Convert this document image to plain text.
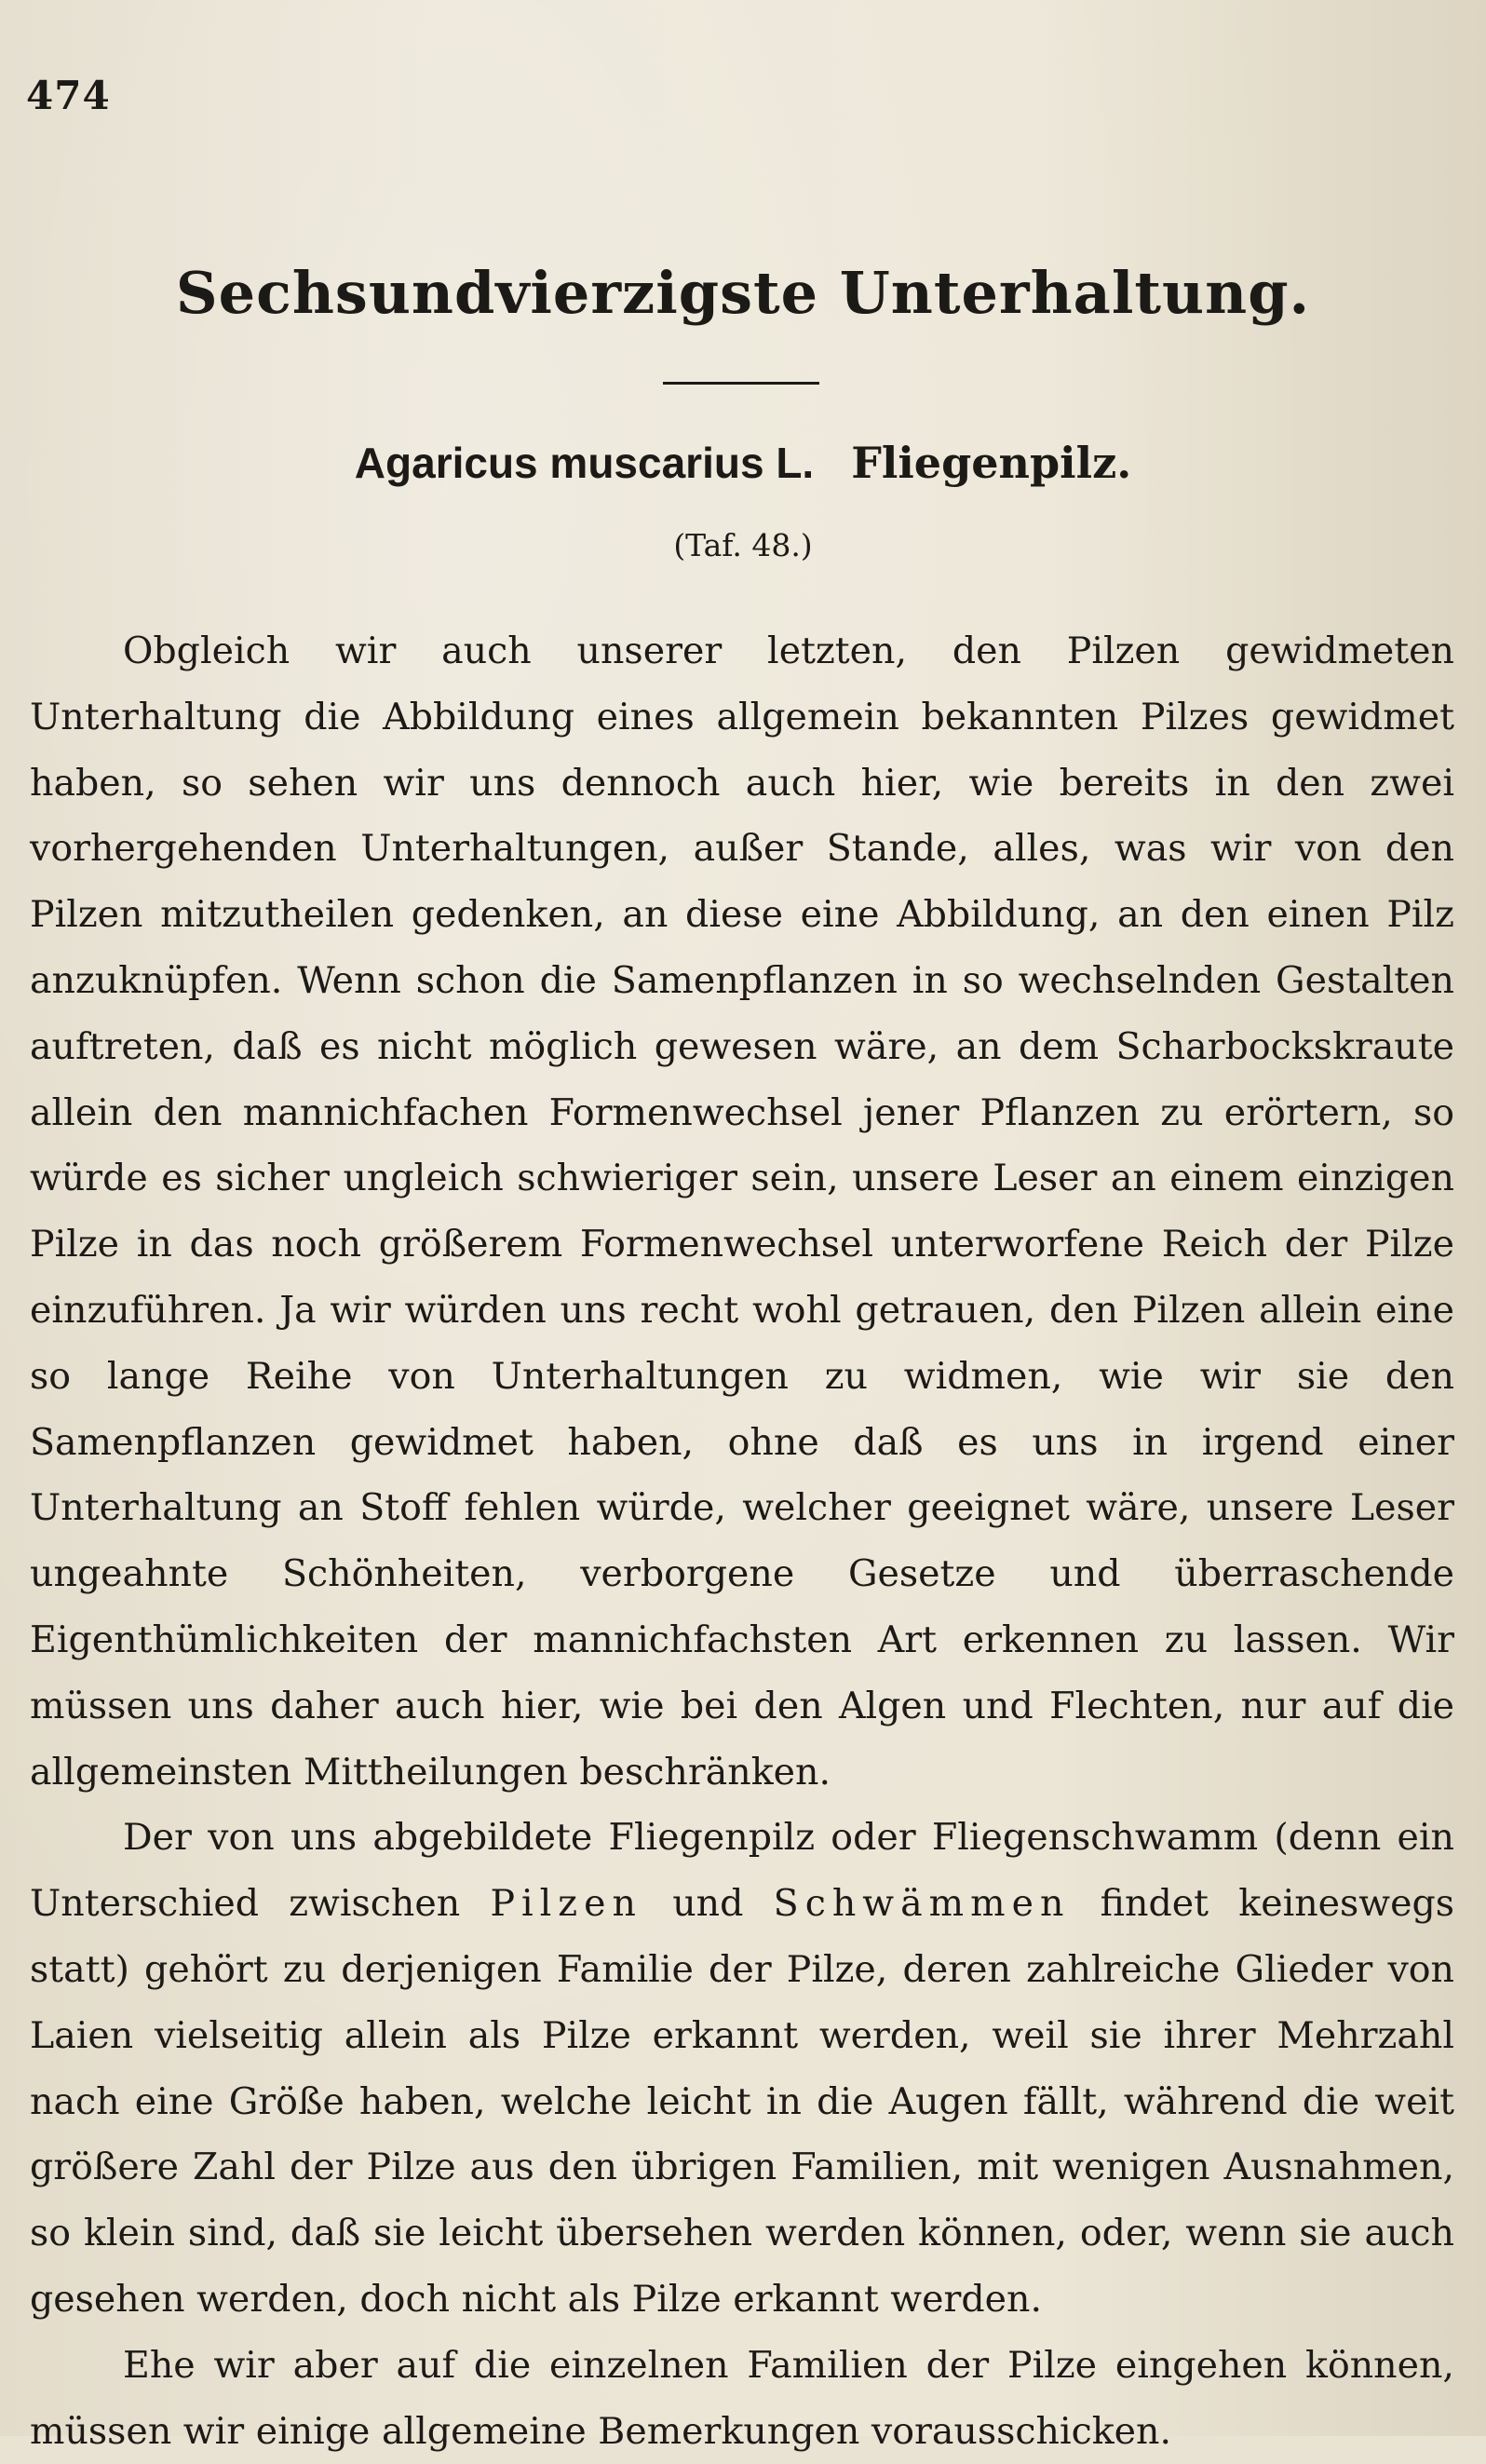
474
Sechsundvierzigste Unterhaltung.
Agaricus muscarius L. Fliegenpilz.
(Taf. 48.)

Obgleich wir auch unserer letzten, den Pilzen gewidmeten Unterhaltung die Abbildung eines allgemein bekannten Pilzes gewidmet haben, so sehen wir uns dennoch auch hier, wie bereits in den zwei vorhergehenden Unterhaltungen, außer Stande, alles, was wir von den Pilzen mitzutheilen gedenken, an diese eine Abbildung, an den einen Pilz anzuknüpfen. Wenn schon die Samenpflanzen in so wechselnden Gestalten auftreten, daß es nicht möglich gewesen wäre, an dem Scharbockskraute allein den mannichfachen Formenwechsel jener Pflanzen zu erörtern, so würde es sicher ungleich schwieriger sein, unsere Leser an einem einzigen Pilze in das noch größerem Formenwechsel unterworfene Reich der Pilze einzuführen. Ja wir würden uns recht wohl getrauen, den Pilzen allein eine so lange Reihe von Unterhaltungen zu widmen, wie wir sie den Samenpflanzen gewidmet haben, ohne daß es uns in irgend einer Unterhaltung an Stoff fehlen würde, welcher geeignet wäre, unsere Leser ungeahnte Schönheiten, verborgene Gesetze und überraschende Eigenthümlichkeiten der mannichfachsten Art erkennen zu lassen. Wir müssen uns daher auch hier, wie bei den Algen und Flechten, nur auf die allgemeinsten Mittheilungen beschränken.

Der von uns abgebildete Fliegenpilz oder Fliegenschwamm (denn ein Unterschied zwischen Pilzen und Schwämmen findet keineswegs statt) gehört zu derjenigen Familie der Pilze, deren zahlreiche Glieder von Laien vielseitig allein als Pilze erkannt werden, weil sie ihrer Mehrzahl nach eine Größe haben, welche leicht in die Augen fällt, während die weit größere Zahl der Pilze aus den übrigen Familien, mit wenigen Ausnahmen, so klein sind, daß sie leicht übersehen werden können, oder, wenn sie auch gesehen werden, doch nicht als Pilze erkannt werden.

Ehe wir aber auf die einzelnen Familien der Pilze eingehen können, müssen wir einige allgemeine Bemerkungen vorausschicken.
